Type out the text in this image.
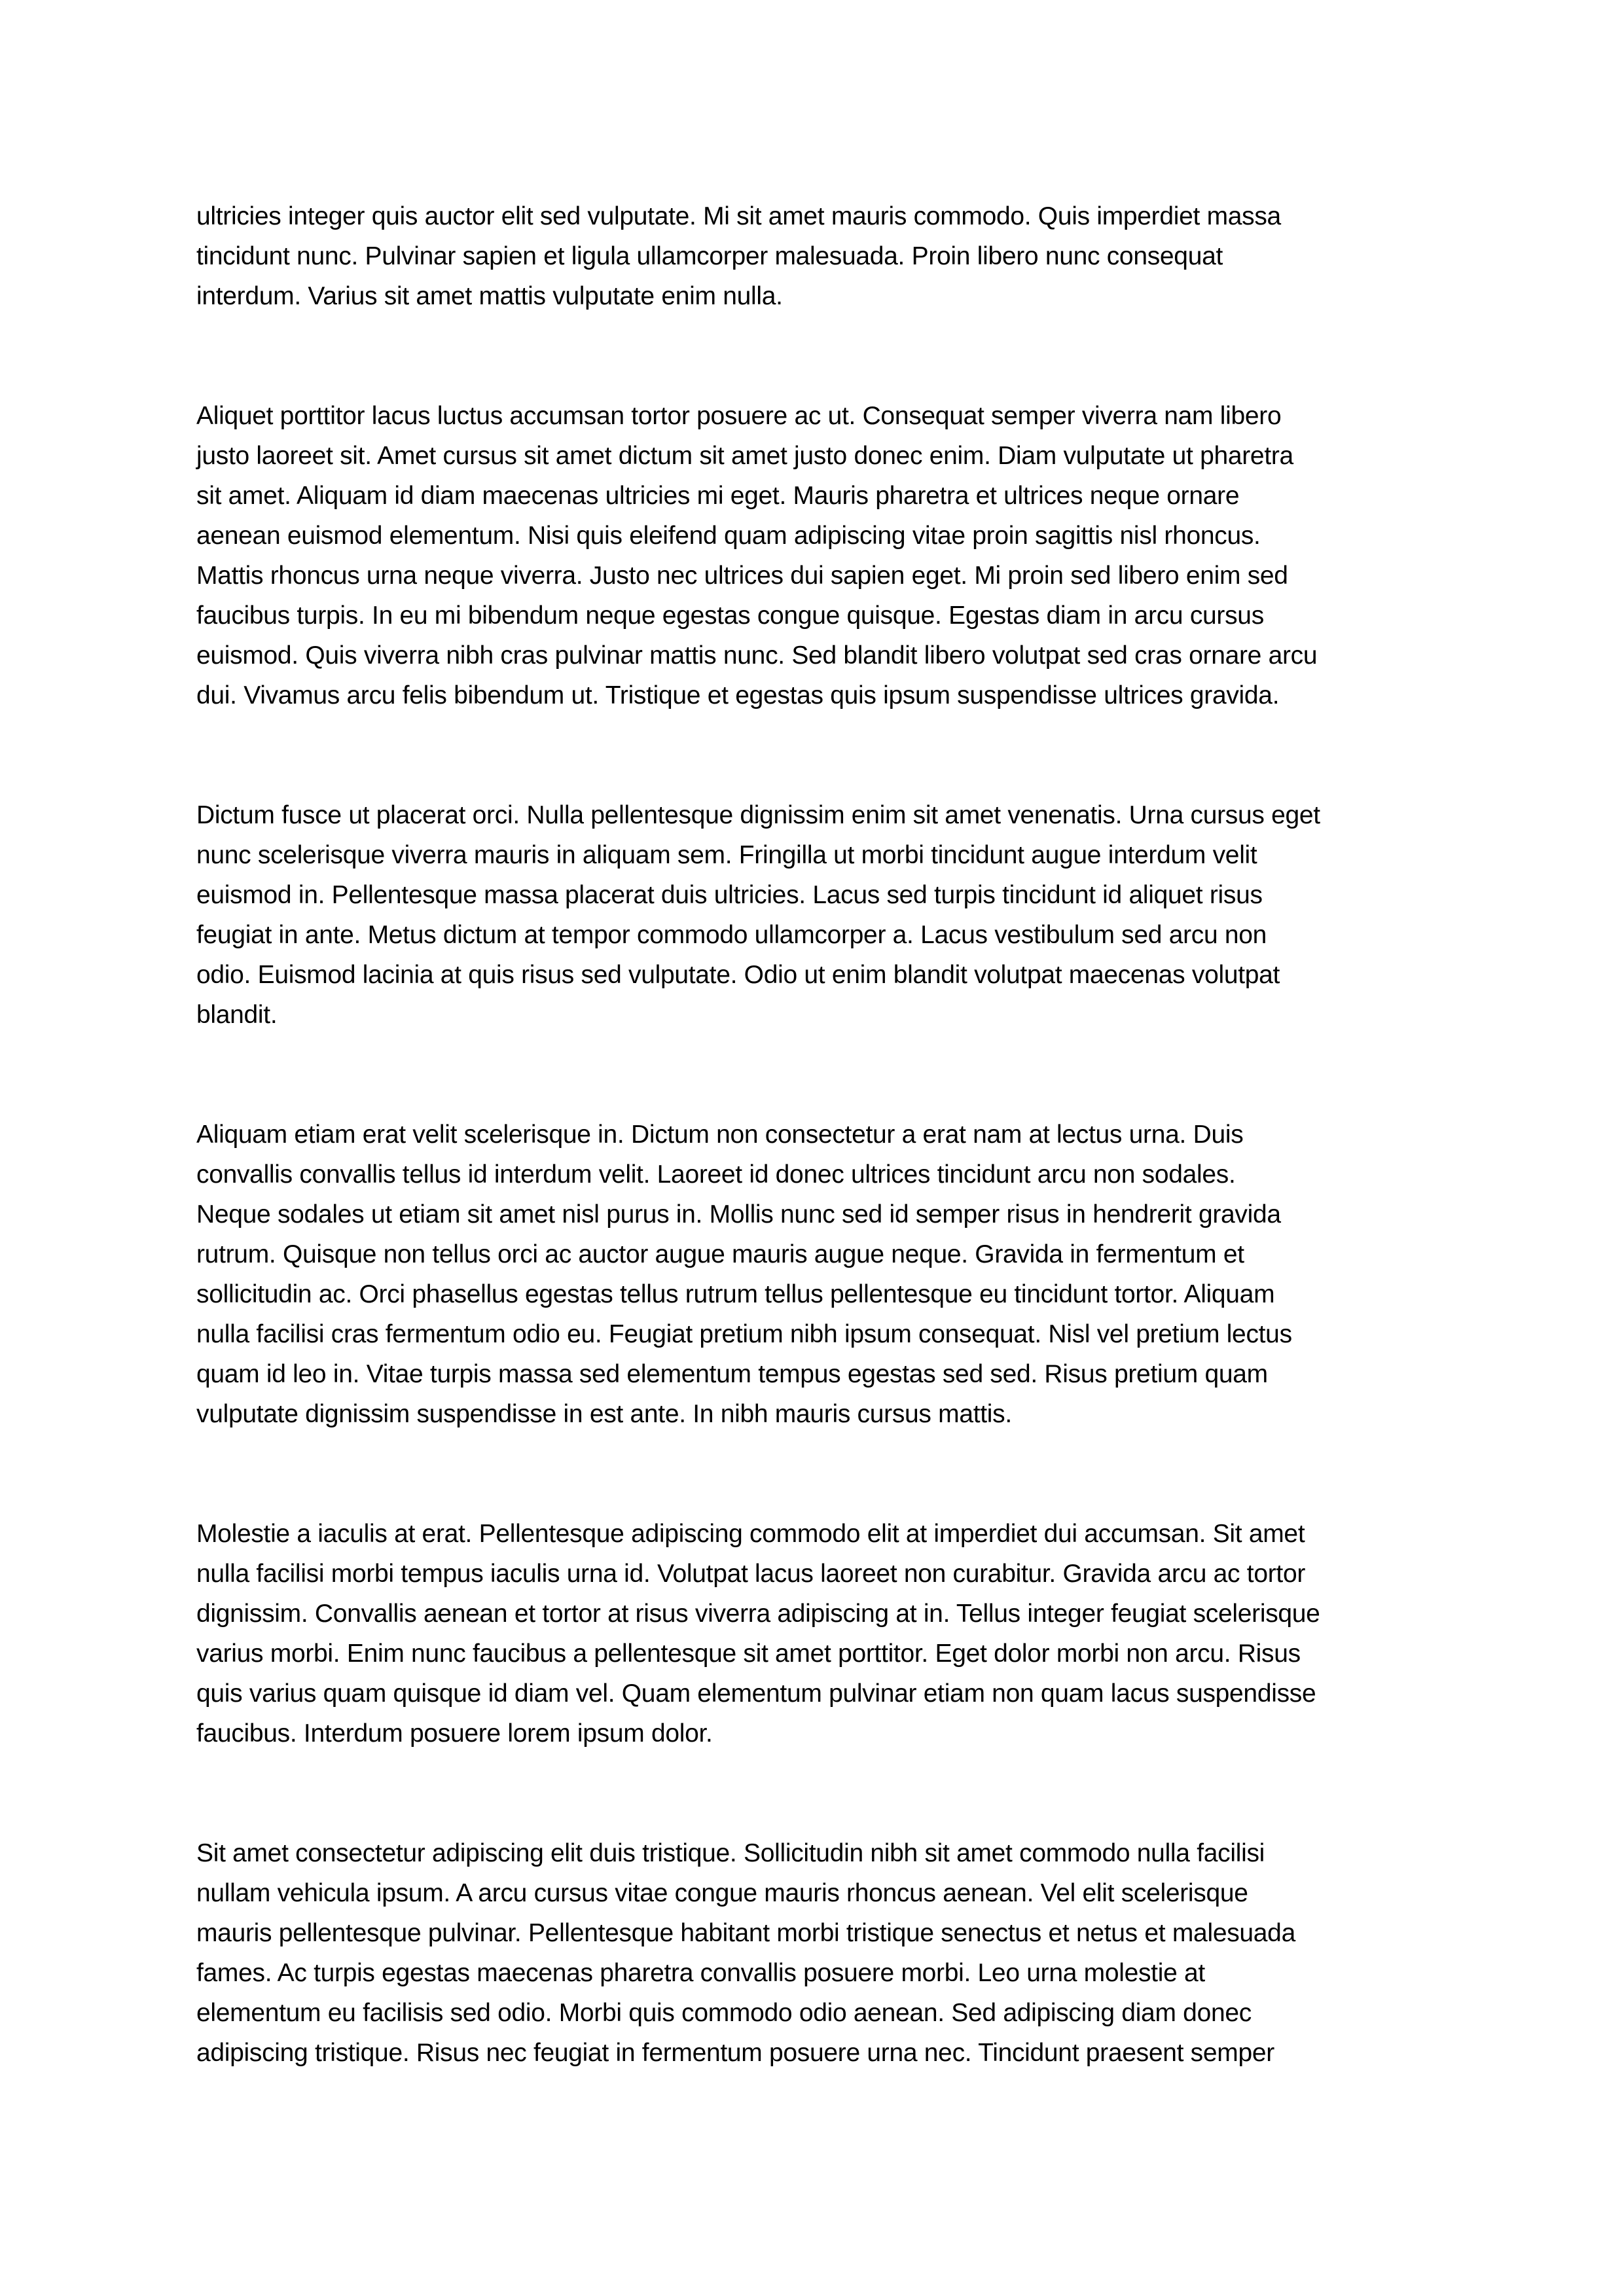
ultricies integer quis auctor elit sed vulputate. Mi sit amet mauris commodo. Quis imperdiet massa
tincidunt nunc. Pulvinar sapien et ligula ullamcorper malesuada. Proin libero nunc consequat
interdum. Varius sit amet mattis vulputate enim nulla.

Aliquet porttitor lacus luctus accumsan tortor posuere ac ut. Consequat semper viverra nam libero
justo laoreet sit. Amet cursus sit amet dictum sit amet justo donec enim. Diam vulputate ut pharetra
sit amet. Aliquam id diam maecenas ultricies mi eget. Mauris pharetra et ultrices neque ornare
aenean euismod elementum. Nisi quis eleifend quam adipiscing vitae proin sagittis nisl rhoncus.
Mattis rhoncus urna neque viverra. Justo nec ultrices dui sapien eget. Mi proin sed libero enim sed
faucibus turpis. In eu mi bibendum neque egestas congue quisque. Egestas diam in arcu cursus
euismod. Quis viverra nibh cras pulvinar mattis nunc. Sed blandit libero volutpat sed cras ornare arcu
dui. Vivamus arcu felis bibendum ut. Tristique et egestas quis ipsum suspendisse ultrices gravida.

Dictum fusce ut placerat orci. Nulla pellentesque dignissim enim sit amet venenatis. Urna cursus eget
nunc scelerisque viverra mauris in aliquam sem. Fringilla ut morbi tincidunt augue interdum velit
euismod in. Pellentesque massa placerat duis ultricies. Lacus sed turpis tincidunt id aliquet risus
feugiat in ante. Metus dictum at tempor commodo ullamcorper a. Lacus vestibulum sed arcu non
odio. Euismod lacinia at quis risus sed vulputate. Odio ut enim blandit volutpat maecenas volutpat
blandit.

Aliquam etiam erat velit scelerisque in. Dictum non consectetur a erat nam at lectus urna. Duis
convallis convallis tellus id interdum velit. Laoreet id donec ultrices tincidunt arcu non sodales.
Neque sodales ut etiam sit amet nisl purus in. Mollis nunc sed id semper risus in hendrerit gravida
rutrum. Quisque non tellus orci ac auctor augue mauris augue neque. Gravida in fermentum et
sollicitudin ac. Orci phasellus egestas tellus rutrum tellus pellentesque eu tincidunt tortor. Aliquam
nulla facilisi cras fermentum odio eu. Feugiat pretium nibh ipsum consequat. Nisl vel pretium lectus
quam id leo in. Vitae turpis massa sed elementum tempus egestas sed sed. Risus pretium quam
vulputate dignissim suspendisse in est ante. In nibh mauris cursus mattis.

Molestie a iaculis at erat. Pellentesque adipiscing commodo elit at imperdiet dui accumsan. Sit amet
nulla facilisi morbi tempus iaculis urna id. Volutpat lacus laoreet non curabitur. Gravida arcu ac tortor
dignissim. Convallis aenean et tortor at risus viverra adipiscing at in. Tellus integer feugiat scelerisque
varius morbi. Enim nunc faucibus a pellentesque sit amet porttitor. Eget dolor morbi non arcu. Risus
quis varius quam quisque id diam vel. Quam elementum pulvinar etiam non quam lacus suspendisse
faucibus. Interdum posuere lorem ipsum dolor.

Sit amet consectetur adipiscing elit duis tristique. Sollicitudin nibh sit amet commodo nulla facilisi
nullam vehicula ipsum. A arcu cursus vitae congue mauris rhoncus aenean. Vel elit scelerisque
mauris pellentesque pulvinar. Pellentesque habitant morbi tristique senectus et netus et malesuada
fames. Ac turpis egestas maecenas pharetra convallis posuere morbi. Leo urna molestie at
elementum eu facilisis sed odio. Morbi quis commodo odio aenean. Sed adipiscing diam donec
adipiscing tristique. Risus nec feugiat in fermentum posuere urna nec. Tincidunt praesent semper
